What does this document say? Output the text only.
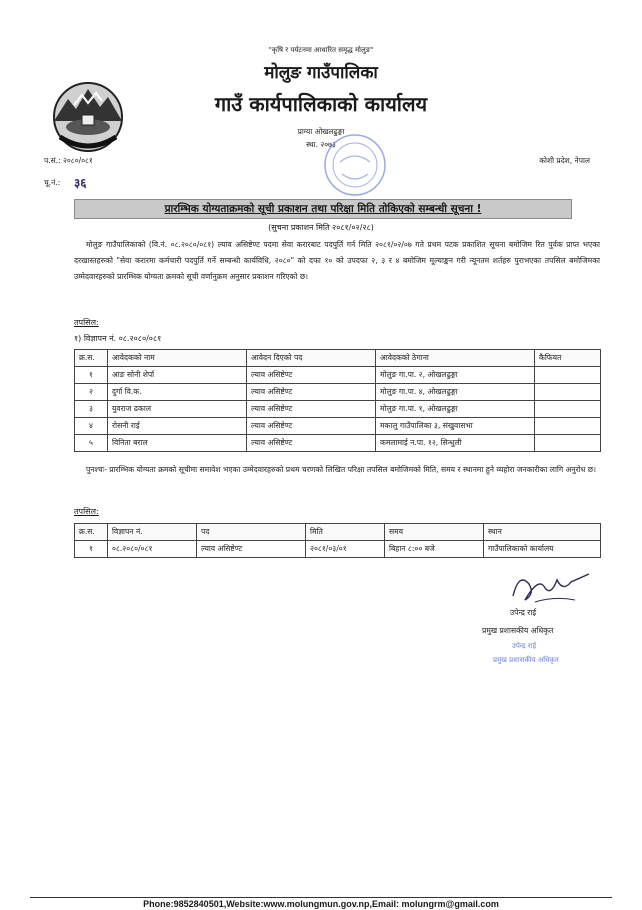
"कृषि र पर्यटनमा आधारित समृद्ध मोलुङ"
मोलुङ गाउँपालिका
गाउँ कार्यपालिकाको कार्यालय
प्राग्या ओखलढुङ्गा
स्था. २०७३
प.सं.: २०८०/०८१	कोशी प्रदेश, नेपाल
चू.नं.: ३६
प्रारम्भिक योग्यताक्रमको सूची प्रकाशन तथा परिक्षा मिति तोकिएको सम्बन्धी सूचना !
(सुचना प्रकाशन मिति २०८१/०२/२८)
मोलुङ गाउँपालिकाको (वि.नं. ०८.२०८०/०८१) ल्याव असिष्टेण्ट पदमा सेवा करारबाट पदपुर्ति गर्न मिति २०८१/०२/०७ गते प्रथम पटक प्रकाशित सूचना बमोजिम रित पुर्वक प्राप्त भएका दरखास्तहरुको "सेवा करारमा कर्मचारी पदपुर्ति गर्ने सम्बन्धी कार्यविधि, २०८०" को दफा १० को उपदफा २, ३ र ४ बमोजिम मूल्याङ्कन गरी न्यूनतम शर्तहरु पुराभएका तपसिल बमोजिमका उम्मेदवारहरुको प्रारम्भिक योग्यता क्रमको सूची वर्णानुक्रम अनुसार प्रकाशन गरिएको छ।
तपसिल:
१) विज्ञापन नं. ०८.२०८०/०८१
क्र.स.	आवेदकको नाम	आवेदन दिएको पद	आवेदकको ठेगाना	कैफियत
१	आङ सोनी शेर्पा	ल्याव असिष्टेण्ट	मोलुङ गा.पा. २, ओखलढुङ्गा	
२	दुर्गा वि.क.	ल्याव असिष्टेण्ट	मोलुङ गा.पा. ४, ओखलढुङ्गा	
३	युवराज ढकाल	ल्याव असिष्टेण्ट	मोलुङ गा.पा. १, ओखलढुङ्गा	
४	रोसनी राई	ल्याव असिष्टेण्ट	मकालु गाउँपालिका ३, संखुवासभा	
५	विनिता बराल	ल्याव असिष्टेण्ट	कमलामाई न.पा. १२, सिन्धुली	
पुनश्चः- प्रारम्भिक योग्यता क्रमको सूचीमा समावेश भएका उम्मेदवारहरुको प्रथम चरणको लिखित परिक्षा तपसिल बमोजिमको मिति, समय र स्थानमा हुने व्यहोरा जनकारीका लागि अनुरोध छ।
तपसिल:
क्र.स.	विज्ञापन नं.	पद	मिति	समय	स्थान
१	०८.२०८०/०८१	ल्याव असिष्टेण्ट	२०८१/०३/०१	बिहान ८:०० बजे	गाउँपालिकाको कार्यालय
उपेन्द्र राई
प्रमुख प्रशासकीय अधिकृत
उपेन्द्र राई
प्रमुख प्रशासकीय अधिकृत
Phone:9852840501,Website:www.molungmun.gov.np,Email: molungrm@gmail.com
